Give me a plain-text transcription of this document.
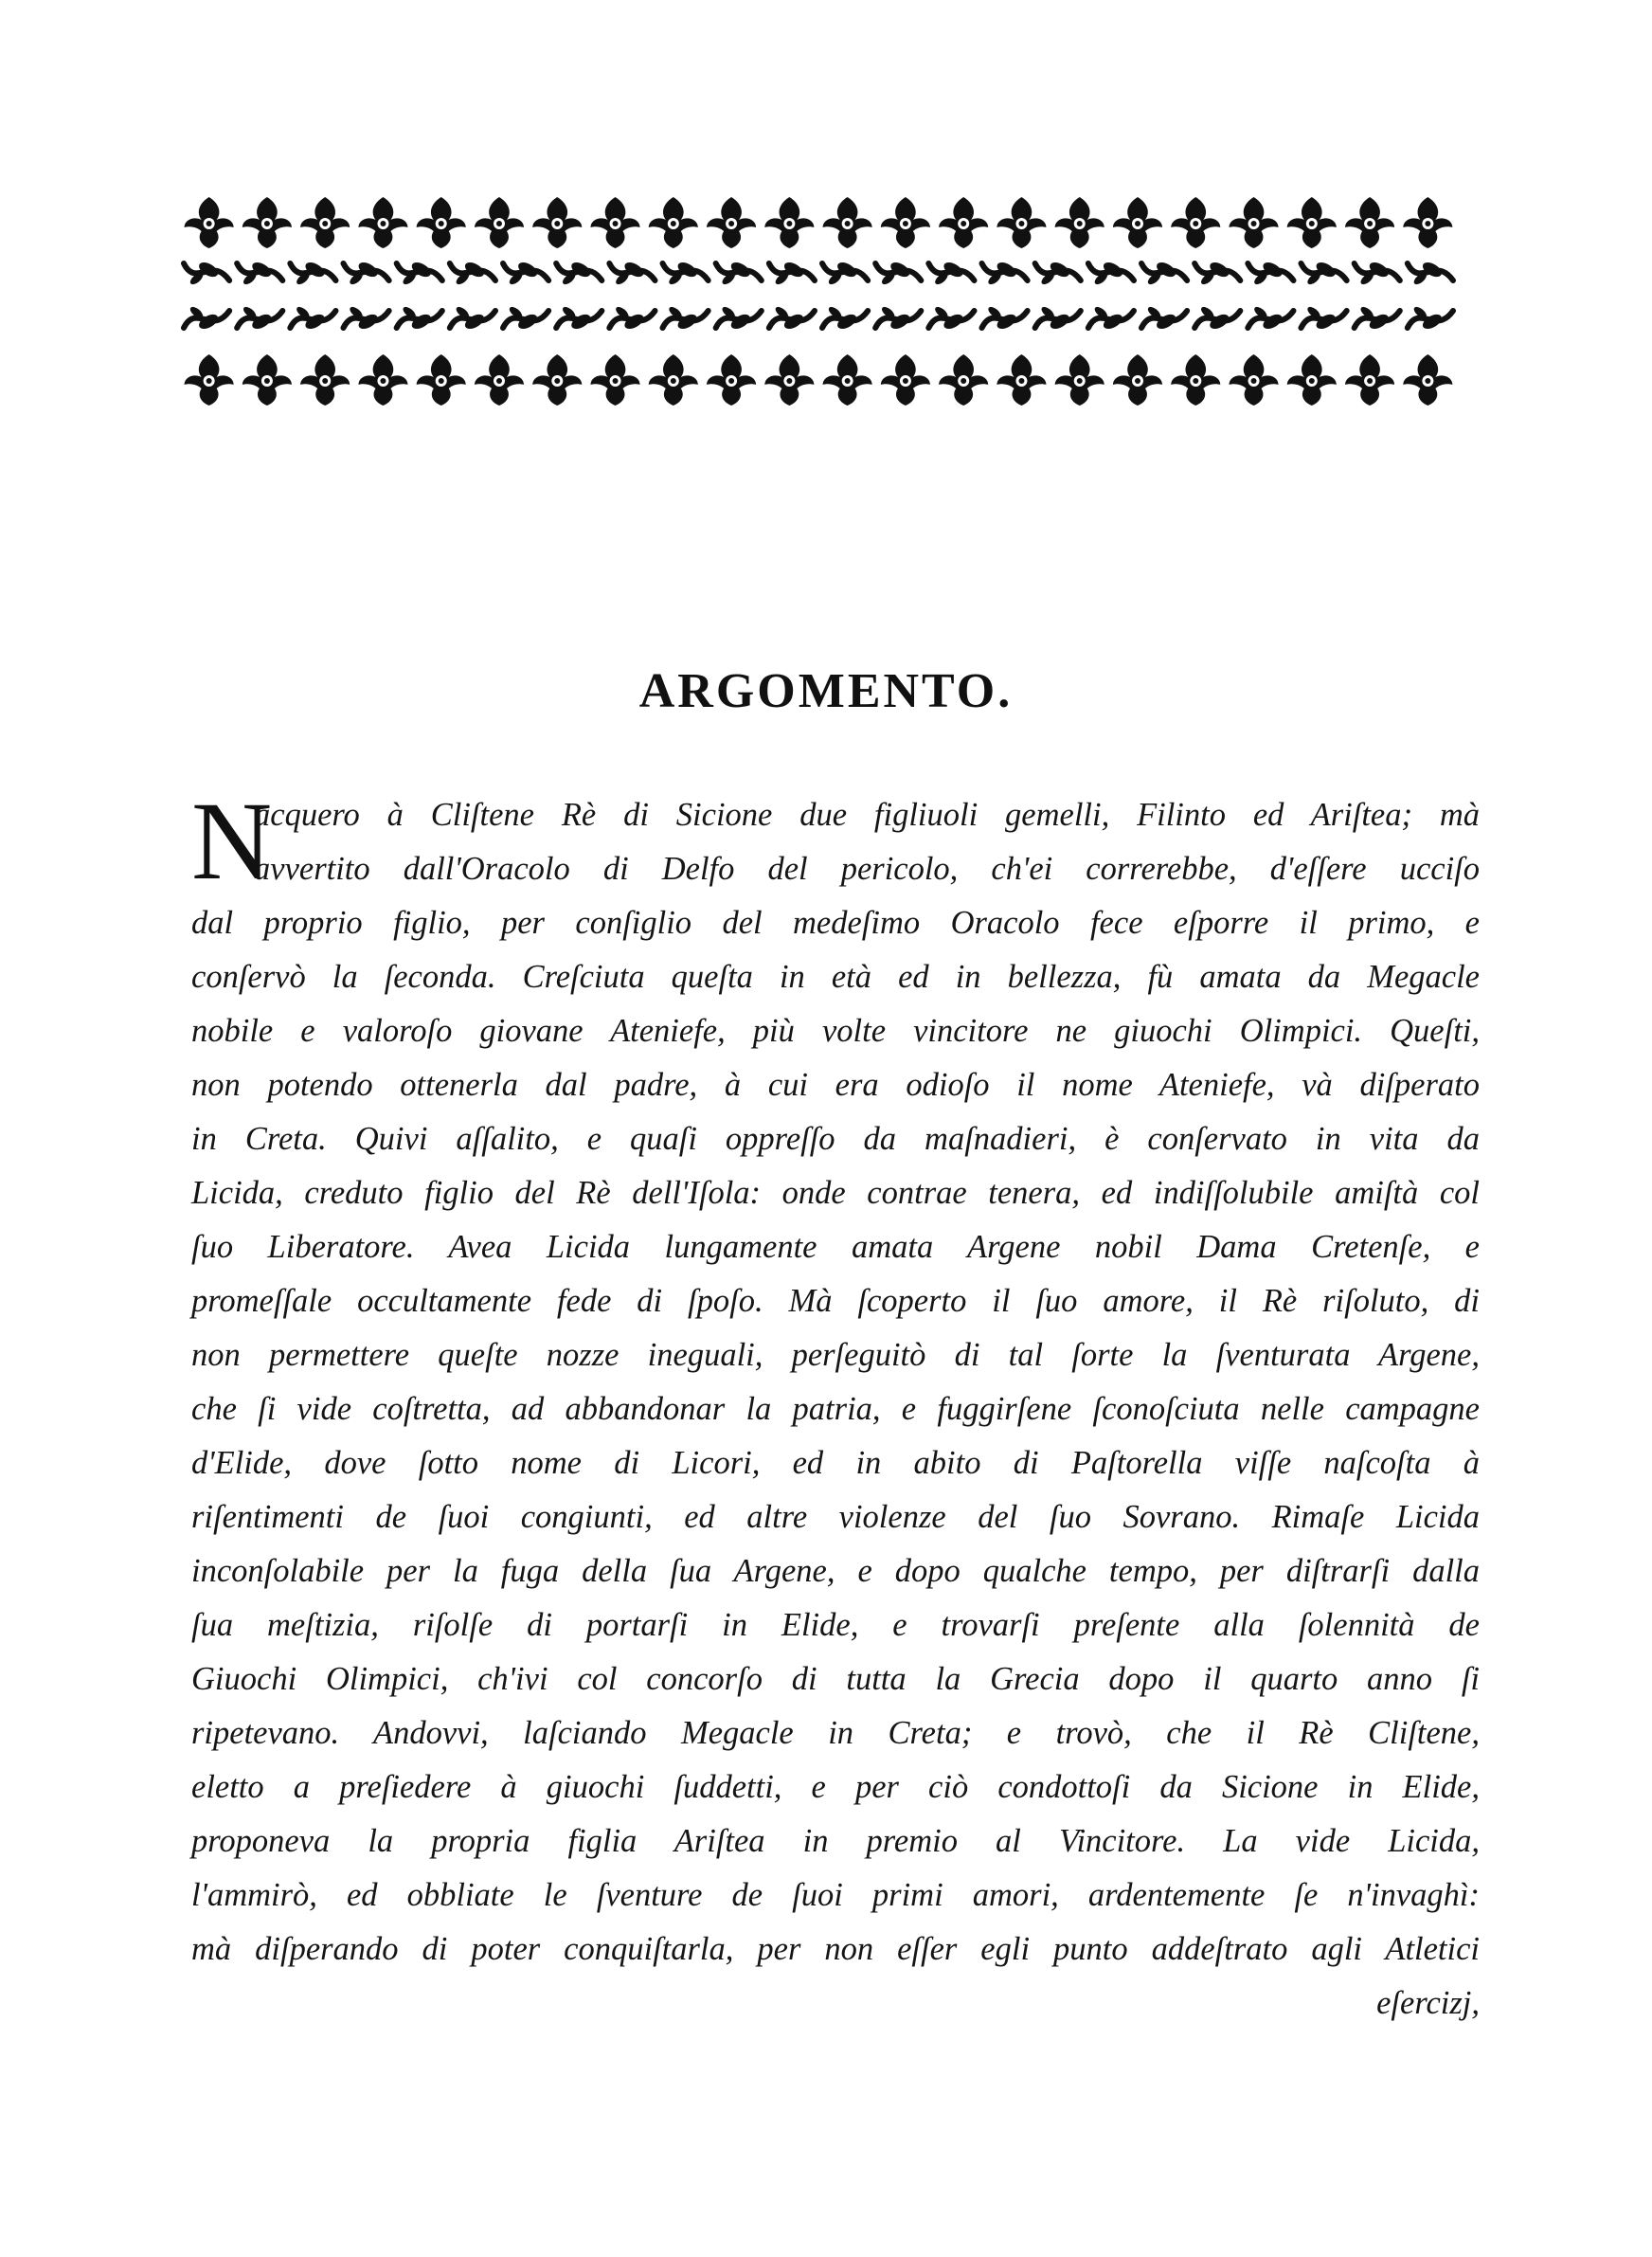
ARGOMENTO.
N
acquero à Cliſtene Rè di Sicione due figliuoli gemelli, Filinto ed Ariſtea; mà
avvertito dall'Oracolo di Delfo del pericolo, ch'ei correrebbe, d'eſſere ucciſo
dal proprio figlio, per conſiglio del medeſimo Oracolo fece eſporre il primo, e
conſervò la ſeconda. Creſciuta queſta in età ed in bellezza, fù amata da Megacle
nobile e valoroſo giovane Ateniefe, più volte vincitore ne giuochi Olimpici. Queſti,
non potendo ottenerla dal padre, à cui era odioſo il nome Ateniefe, và diſperato
in Creta. Quivi aſſalito, e quaſi oppreſſo da maſnadieri, è conſervato in vita da
Licida, creduto figlio del Rè dell'Iſola: onde contrae tenera, ed indiſſolubile amiſtà col
ſuo Liberatore. Avea Licida lungamente amata Argene nobil Dama Cretenſe, e
promeſſale occultamente fede di ſpoſo. Mà ſcoperto il ſuo amore, il Rè riſoluto, di
non permettere queſte nozze ineguali, perſeguitò di tal ſorte la ſventurata Argene,
che ſi vide coſtretta, ad abbandonar la patria, e fuggirſene ſconoſciuta nelle campagne
d'Elide, dove ſotto nome di Licori, ed in abito di Paſtorella viſſe naſcoſta à
riſentimenti de ſuoi congiunti, ed altre violenze del ſuo Sovrano. Rimaſe Licida
inconſolabile per la fuga della ſua Argene, e dopo qualche tempo, per diſtrarſi dalla
ſua meſtizia, riſolſe di portarſi in Elide, e trovarſi preſente alla ſolennità de
Giuochi Olimpici, ch'ivi col concorſo di tutta la Grecia dopo il quarto anno ſi
ripetevano. Andovvi, laſciando Megacle in Creta; e trovò, che il Rè Cliſtene,
eletto a preſiedere à giuochi ſuddetti, e per ciò condottoſi da Sicione in Elide,
proponeva la propria figlia Ariſtea in premio al Vincitore. La vide Licida,
l'ammirò, ed obbliate le ſventure de ſuoi primi amori, ardentemente ſe n'invaghì:
mà diſperando di poter conquiſtarla, per non eſſer egli punto addeſtrato agli Atletici
eſercizj,
